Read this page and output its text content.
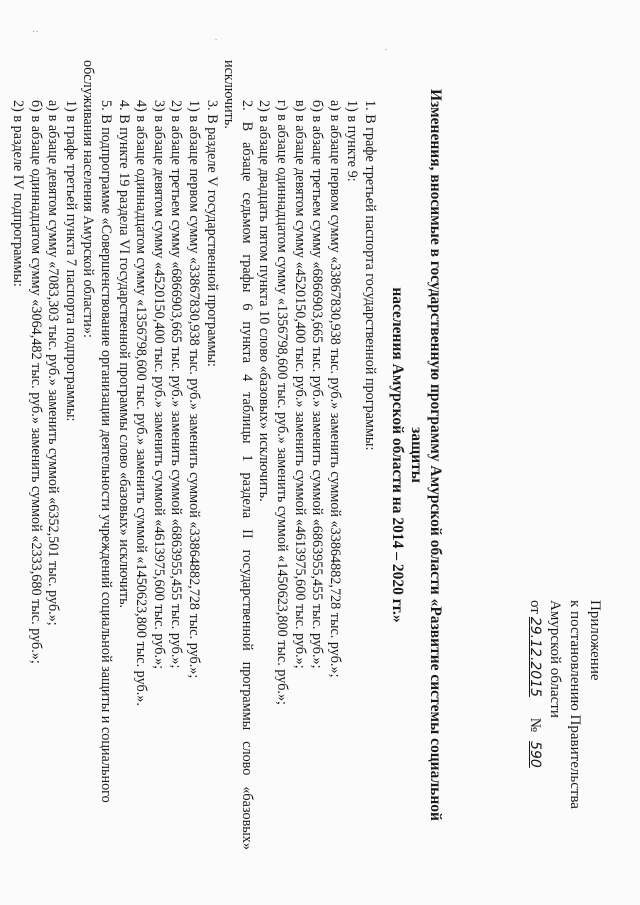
Приложение
к постановлению Правительства
Амурской области
от29.12.2015 №590
Изменения, вносимые в государственную программу Амурской области «Развитие системы социальной защиты
населения Амурской области на 2014 – 2020 гг.»
1. В графе третьей паспорта государственной программы:
1) в пункте 9:
а) в абзаце первом сумму «33867830,938 тыс. руб.» заменить суммой «33864882,728 тыс. руб.»;
б) в абзаце третьем сумму «6866903,665 тыс. руб.» заменить суммой «6863955,455 тыс. руб.»;
в) в абзаце девятом сумму «4520150,400 тыс. руб.» заменить суммой «4613975,600 тыс. руб.»;
г) в абзаце одиннадцатом сумму «1356798,600 тыс. руб.» заменить суммой «1450623,800 тыс. руб.»;
2) в абзаце двадцать пятом пункта 10 слово «базовых» исключить.
2. В абзаце седьмом графы 6 пункта 4 таблицы 1 раздела II государственной программы слово «базовых»
исключить.
3. В разделе V государственной программы:
1) в абзаце первом сумму «33867830,938 тыс. руб.» заменить суммой «33864882,728 тыс. руб.»;
2) в абзаце третьем сумму «6866903,665 тыс. руб.» заменить суммой «6863955,455 тыс. руб.»;
3) в абзаце девятом сумму «4520150,400 тыс. руб.» заменить суммой «4613975,600 тыс. руб.»;
4) в абзаце одиннадцатом сумму «1356798,600 тыс. руб.» заменить суммой «1450623,800 тыс. руб.».
4. В пункте 19 раздела VI государственной программы слово «базовых» исключить.
5. В подпрограмме «Совершенствование организации деятельности учреждений социальной защиты и социального
обслуживания населения Амурской области»:
1) в графе третьей пункта 7 паспорта подпрограммы:
а) в абзаце девятом сумму «7083,303 тыс. руб.» заменить суммой «6352,501 тыс. руб.»;
б) в абзаце одиннадцатом сумму «3064,482 тыс. руб.» заменить суммой «2333,680 тыс. руб.»;
2) в разделе IV подпрограммы:
·
:
·
